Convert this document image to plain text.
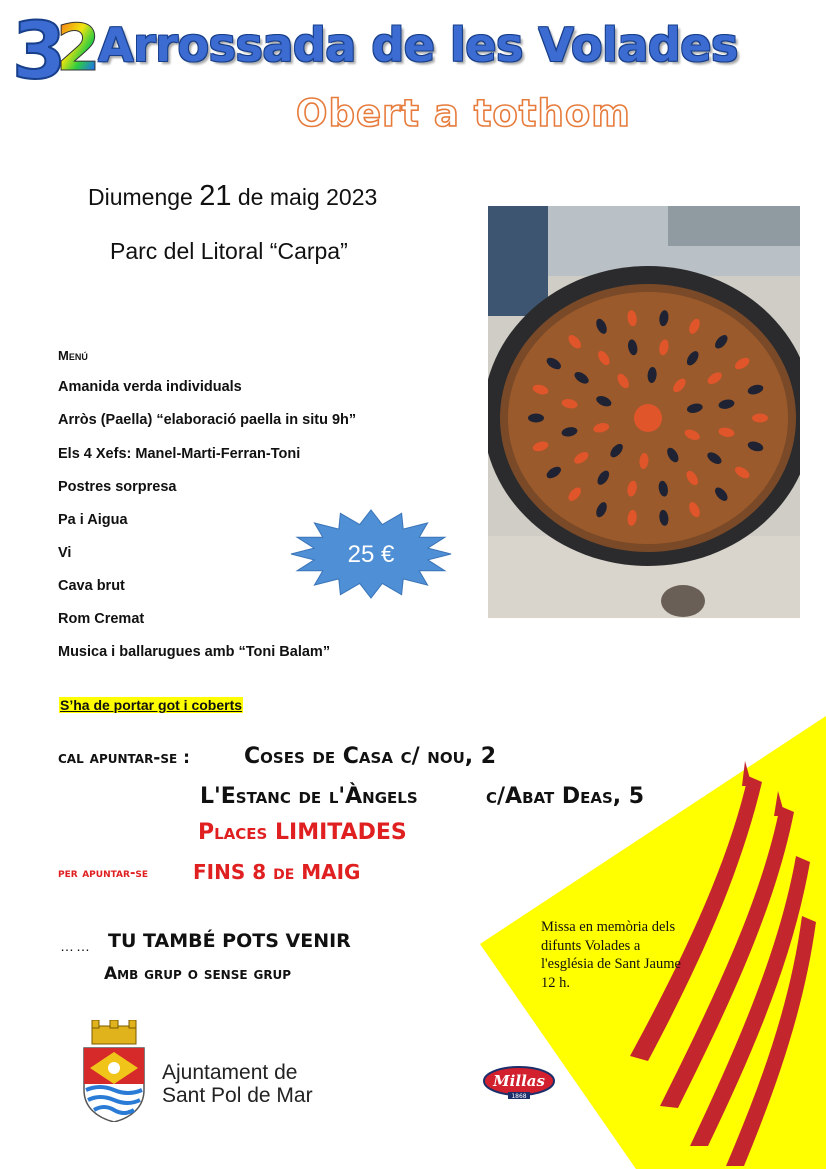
3
2
32
Arrossada de les Volades
Obert a tothom
Diumenge 21 de maig 2023
Parc del Litoral “Carpa”
Menú
Amanida verda individuals
Arròs (Paella) “elaboració paella in situ 9h”
Els 4 Xefs: Manel-Marti-Ferran-Toni
Postres sorpresa
Pa i Aigua
Vi
Cava brut
Rom Cremat
Musica i ballarugues amb “Toni Balam”
25 €
S’ha de portar got i coberts
cal apuntar-se : Coses de Casa c/ nou, 2
L'Estanc de l'Àngels	c/Abat Deas, 5
Places LIMITADES
per apuntar-se FINS 8 de MAIG
…… TU TAMBÉ POTS VENIR
Amb grup o sense grup
Missa en memòria dels difunts Volades a l'església de Sant Jaume 12 h.
Ajuntament de
Sant Pol de Mar
Millas
1868
